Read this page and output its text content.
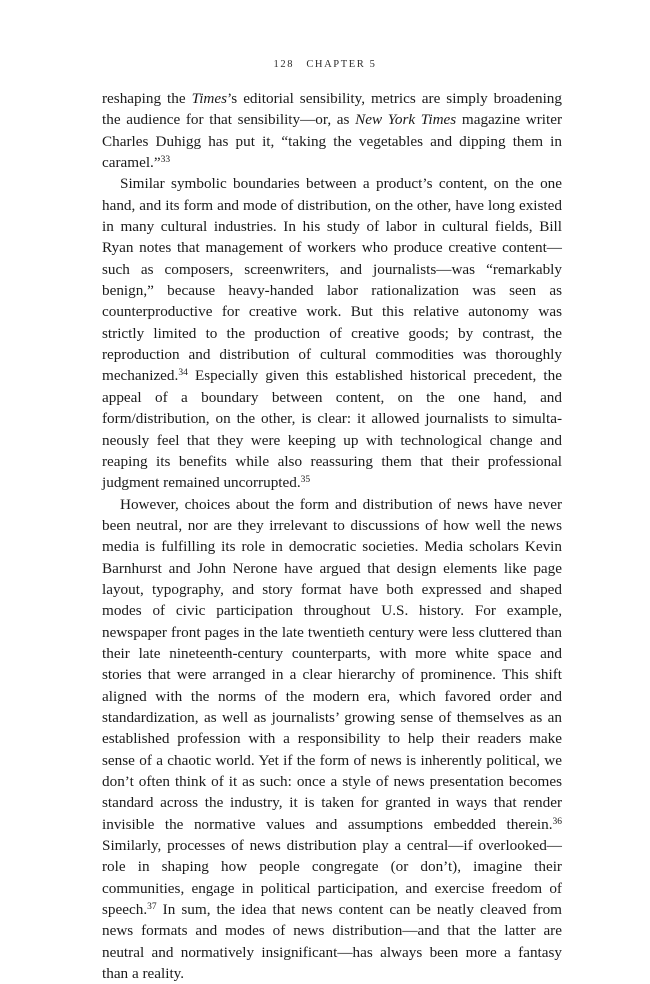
128 CHAPTER 5

reshaping the Times’s editorial sensibility, metrics are simply broadening the audience for that sensibility—or, as New York Times magazine writer Charles Duhigg has put it, “taking the vegetables and dipping them in caramel.”$^{33}$

Similar symbolic boundaries between a product’s content, on the one hand, and its form and mode of distribution, on the other, have long existed in many cultural industries. In his study of labor in cultural fields, Bill Ryan notes that management of workers who produce creative content—such as composers, screenwriters, and journalists—was “remarkably benign,” because heavy-handed labor rationalization was seen as counterproductive for creative work. But this relative autonomy was strictly limited to the production of creative goods; by contrast, the reproduction and distribution of cultural commodities was thoroughly mechanized.$^{34}$ Especially given this established historical precedent, the appeal of a boundary between content, on the one hand, and form/distribution, on the other, is clear: it allowed journalists to simultaneously feel that they were keeping up with technological change and reaping its benefits while also reassuring them that their professional judgment remained uncorrupted.$^{35}$

However, choices about the form and distribution of news have never been neutral, nor are they irrelevant to discussions of how well the news media is fulfilling its role in democratic societies. Media scholars Kevin Barnhurst and John Nerone have argued that design elements like page layout, typography, and story format have both expressed and shaped modes of civic participation throughout U.S. history. For example, newspaper front pages in the late twentieth century were less cluttered than their late nineteenth-century counterparts, with more white space and stories that were arranged in a clear hierarchy of prominence. This shift aligned with the norms of the modern era, which favored order and standardization, as well as journalists’ growing sense of themselves as an established profession with a responsibility to help their readers make sense of a chaotic world. Yet if the form of news is inherently political, we don’t often think of it as such: once a style of news presentation becomes standard across the industry, it is taken for granted in ways that render invisible the normative values and assumptions embedded therein.$^{36}$ Similarly, processes of news distribution play a central—if overlooked—role in shaping how people congregate (or don’t), imagine their communities, engage in political participation, and exercise freedom of speech.$^{37}$ In sum, the idea that news content can be neatly cleaved from news formats and modes of news distribution—and that the latter are neutral and normatively insignificant—has always been more a fantasy than a reality.
